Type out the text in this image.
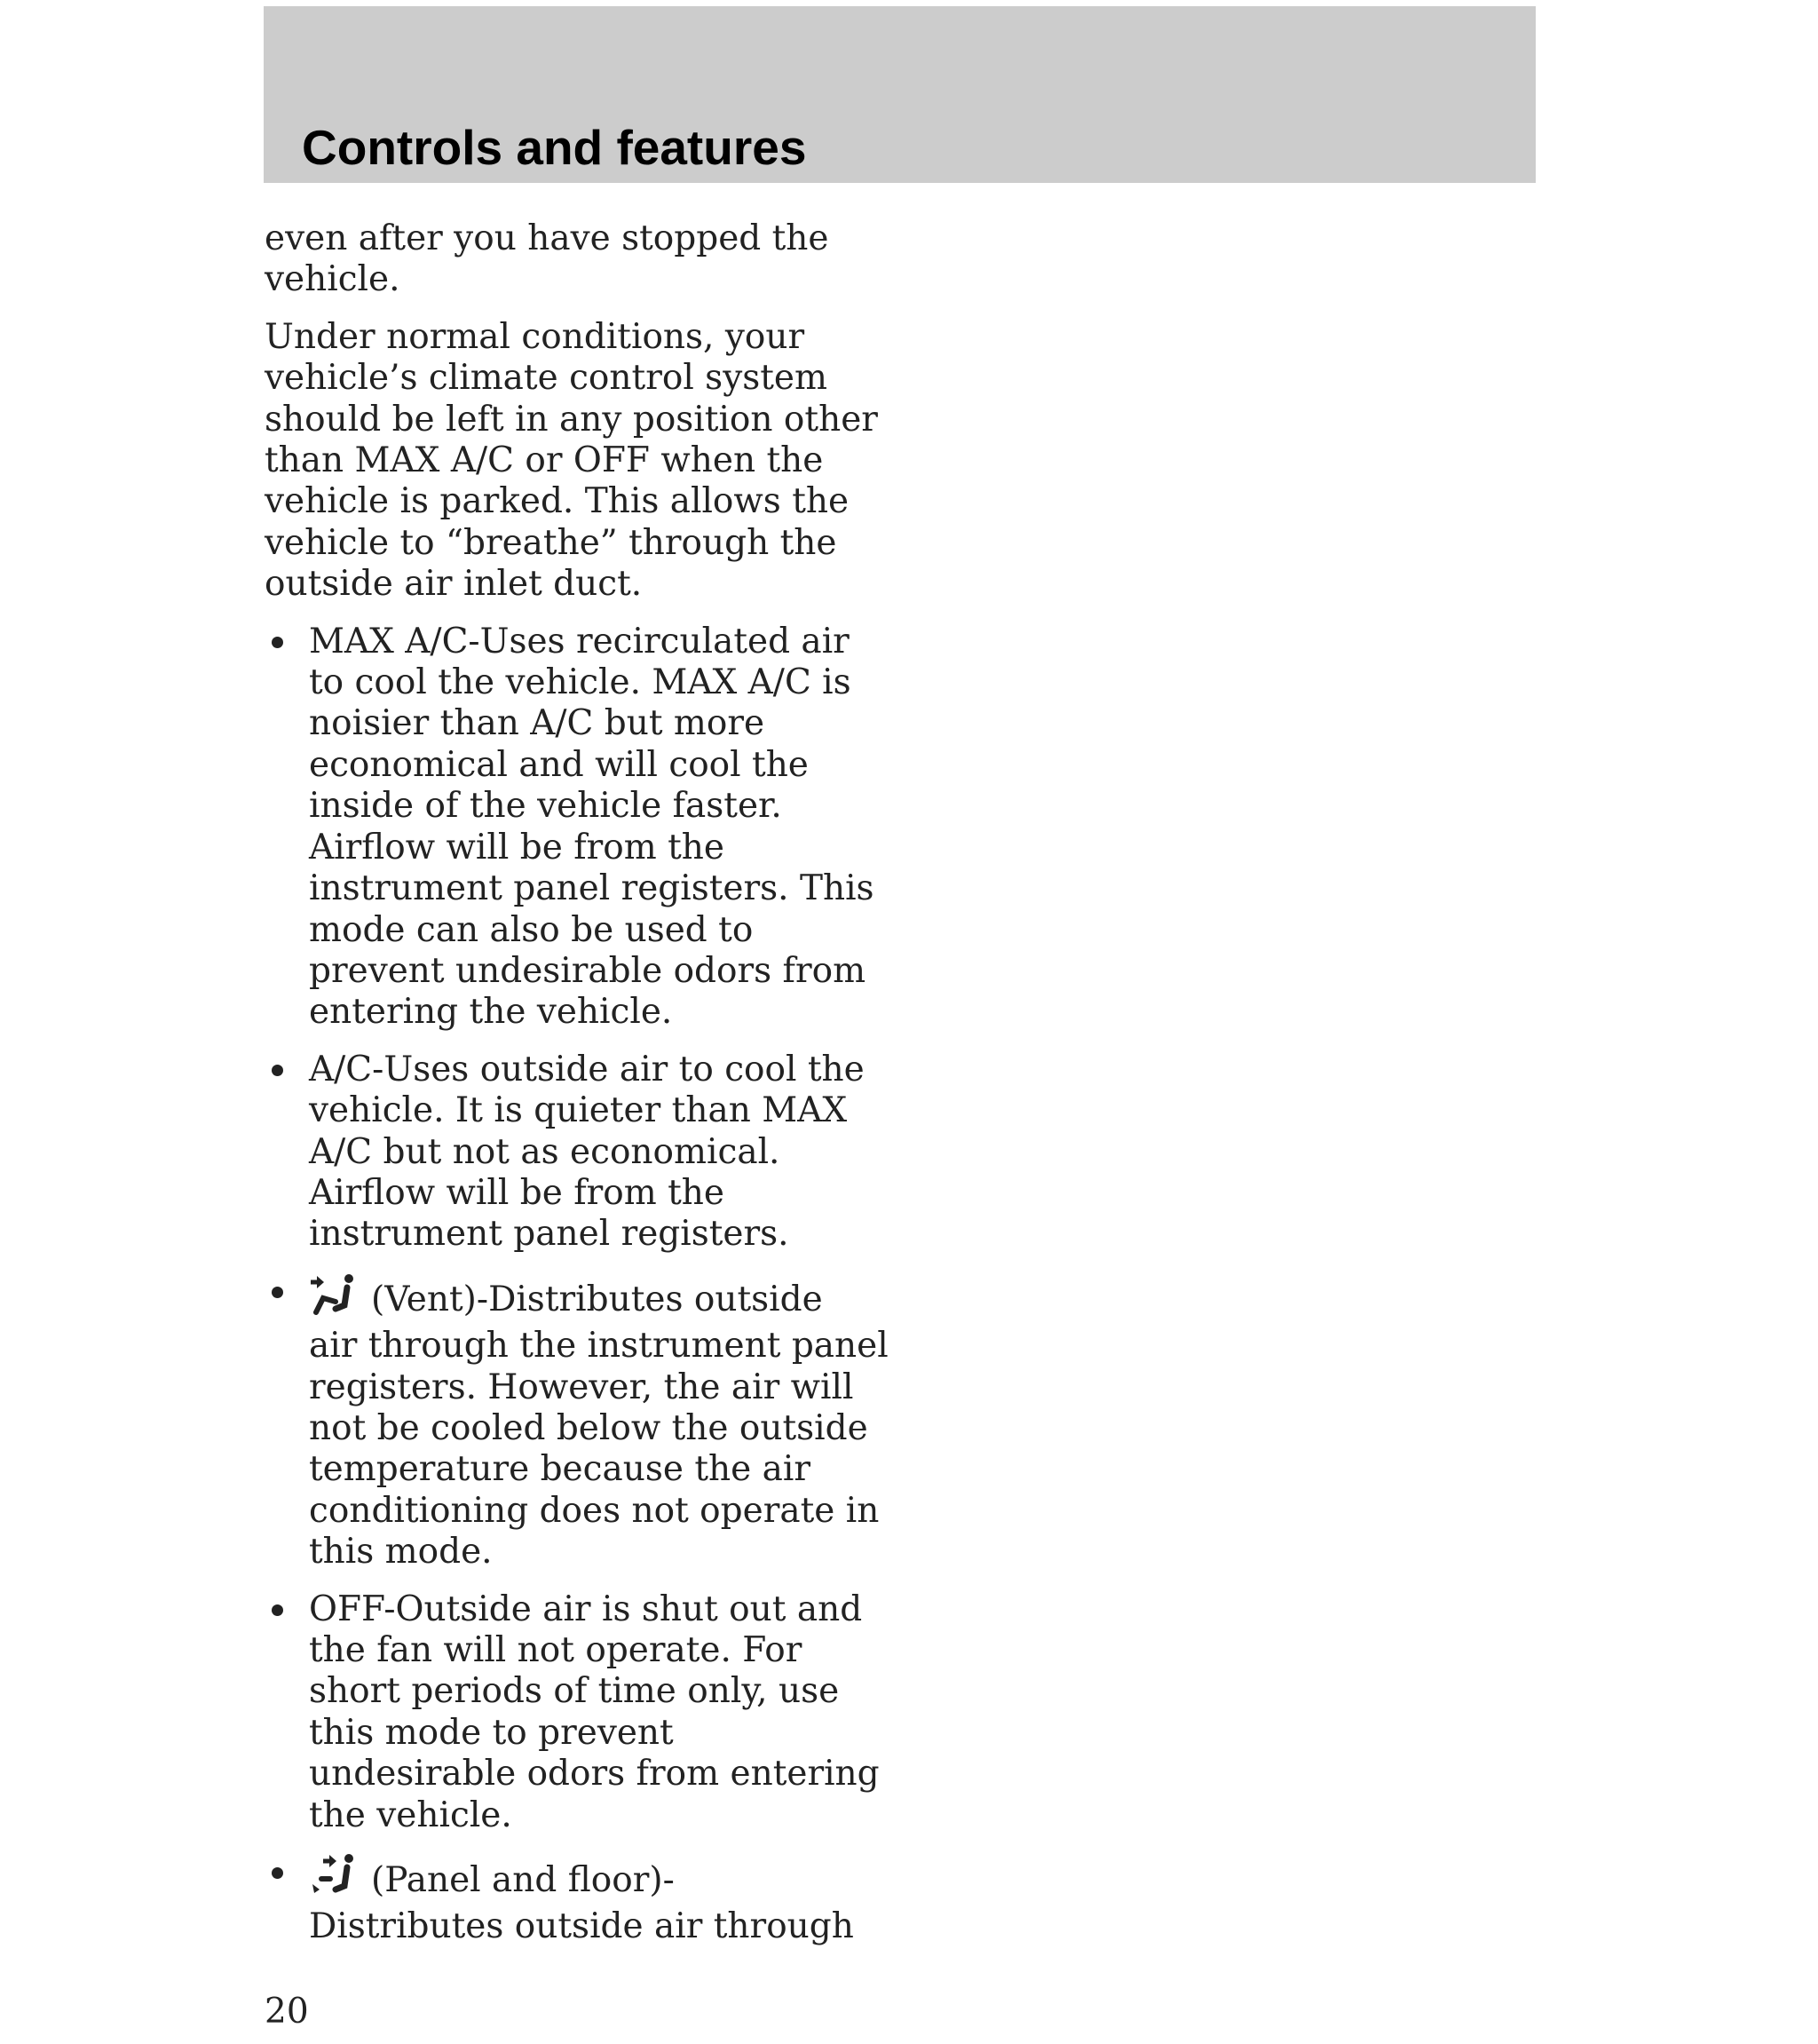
Controls and features

even after you have stopped the
vehicle.

Under normal conditions, your
vehicle’s climate control system
should be left in any position other
than MAX A/C or OFF when the
vehicle is parked. This allows the
vehicle to “breathe” through the
outside air inlet duct.

MAX A/C-Uses recirculated air
to cool the vehicle. MAX A/C is
noisier than A/C but more
economical and will cool the
inside of the vehicle faster.
Airflow will be from the
instrument panel registers. This
mode can also be used to
prevent undesirable odors from
entering the vehicle.
A/C-Uses outside air to cool the
vehicle. It is quieter than MAX
A/C but not as economical.
Airflow will be from the
instrument panel registers.
(Vent)-Distributes outside
air through the instrument panel
registers. However, the air will
not be cooled below the outside
temperature because the air
conditioning does not operate in
this mode.
OFF-Outside air is shut out and
the fan will not operate. For
short periods of time only, use
this mode to prevent
undesirable odors from entering
the vehicle.
(Panel and floor)-
Distributes outside air through
20
